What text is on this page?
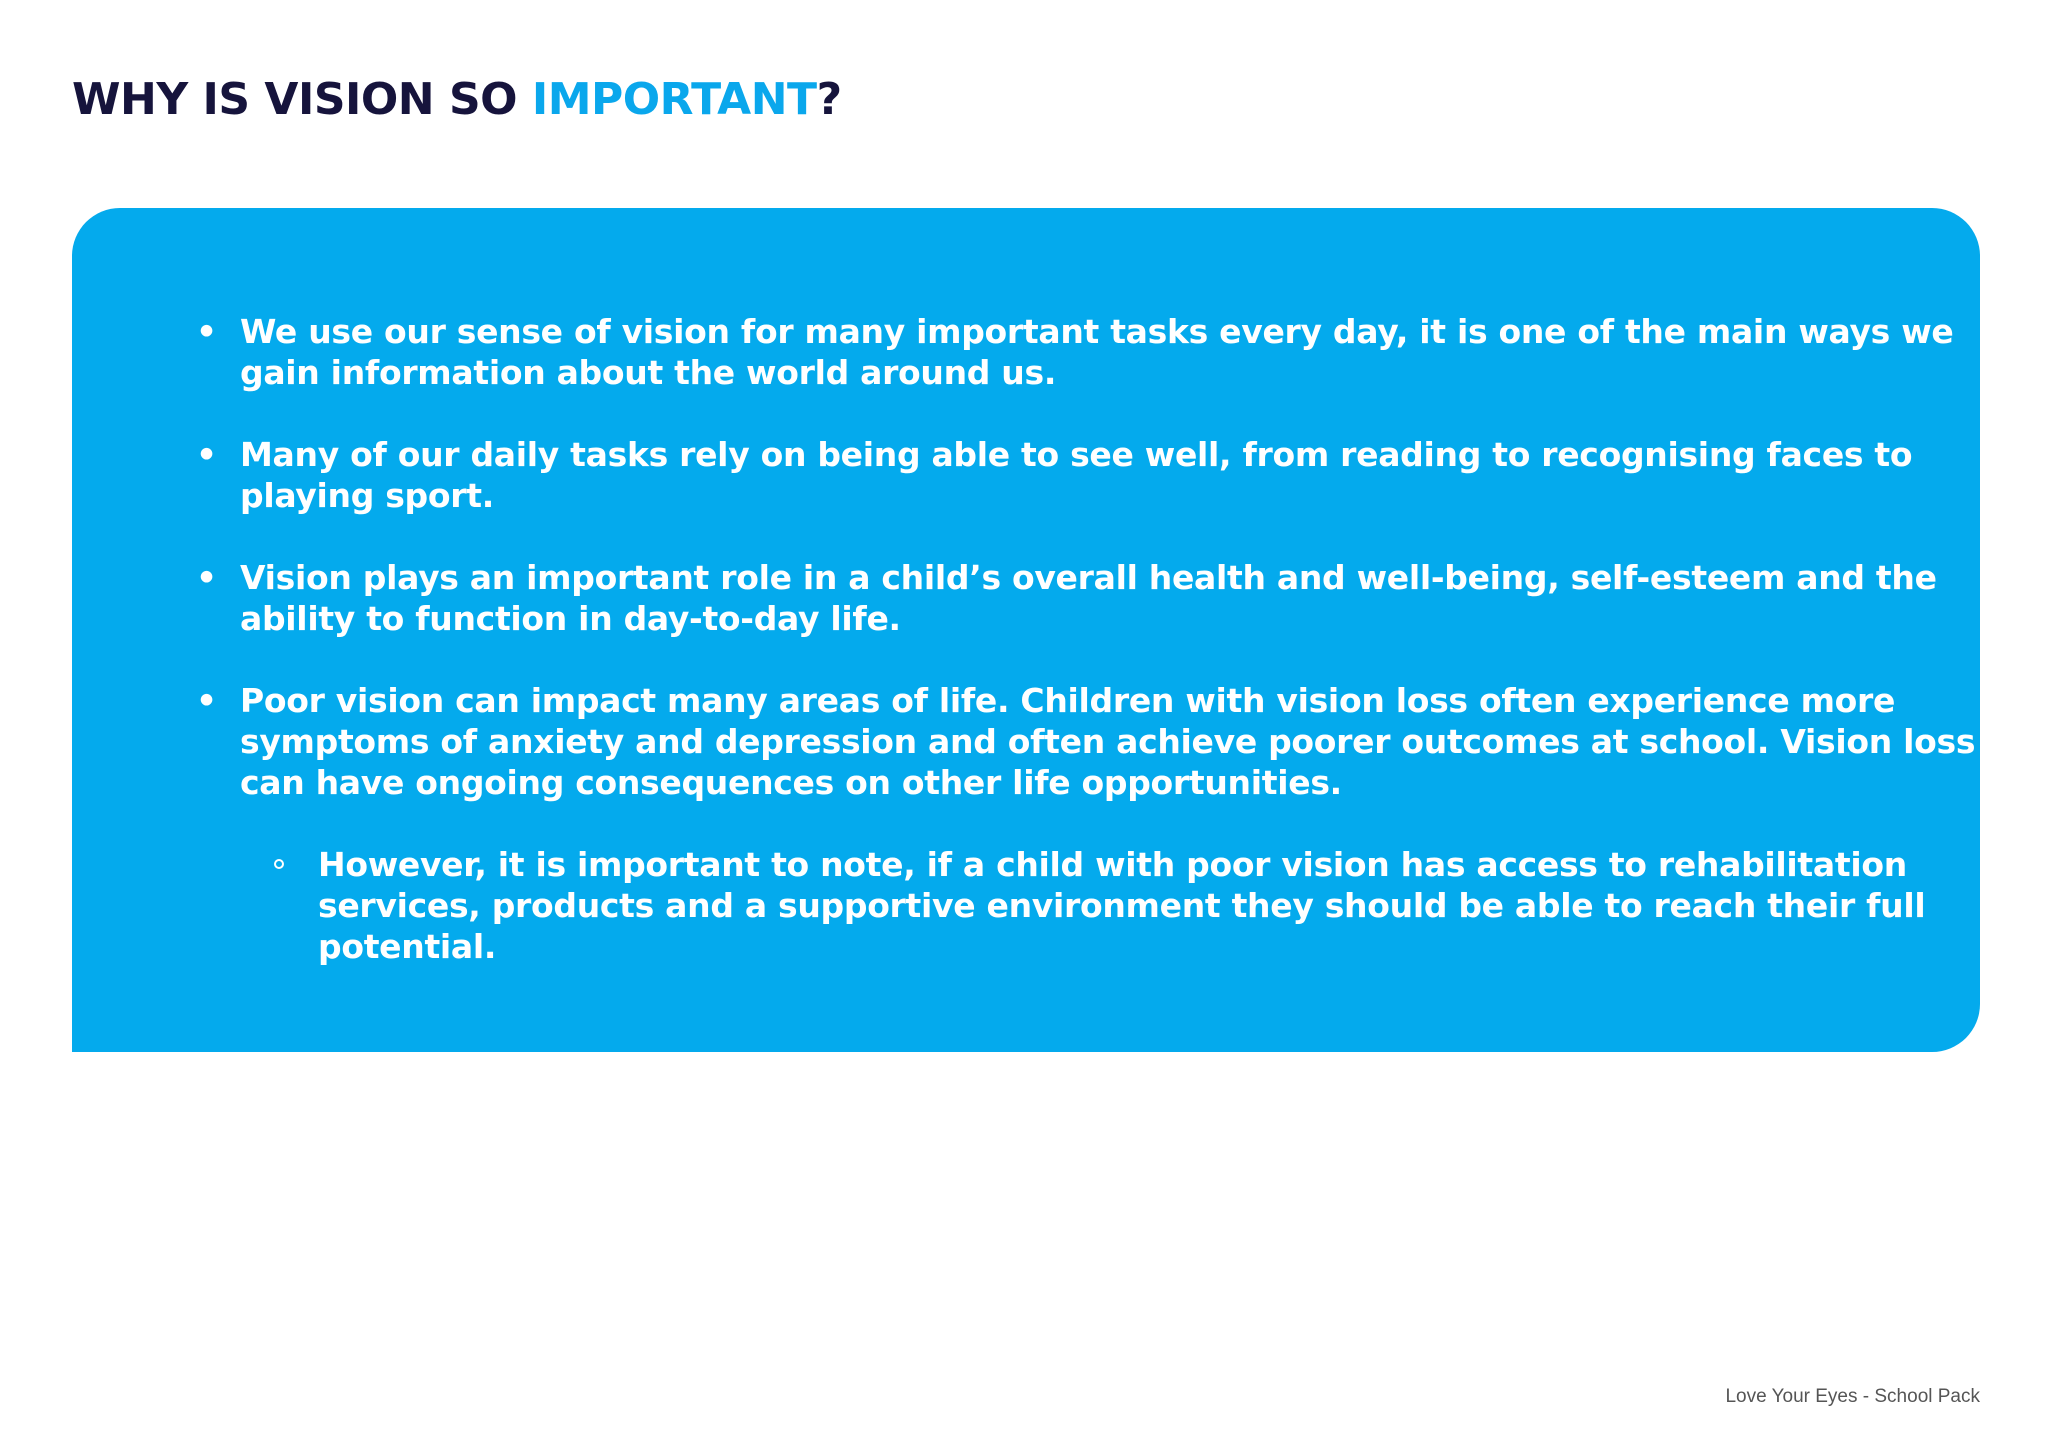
WHY IS VISION SO IMPORTANT?
• We use our sense of vision for many important tasks every day, it is one of the main ways we gain information about the world around us.
• Many of our daily tasks rely on being able to see well, from reading to recognising faces to playing sport.
• Vision plays an important role in a child’s overall health and well-being, self-esteem and the ability to function in day-to-day life.
• Poor vision can impact many areas of life. Children with vision loss often experience more symptoms of anxiety and depression and often achieve poorer outcomes at school. Vision loss can have ongoing consequences on other life opportunities.
However, it is important to note, if a child with poor vision has access to rehabilitation services, products and a supportive environment they should be able to reach their full potential.
Love Your Eyes - School Pack
